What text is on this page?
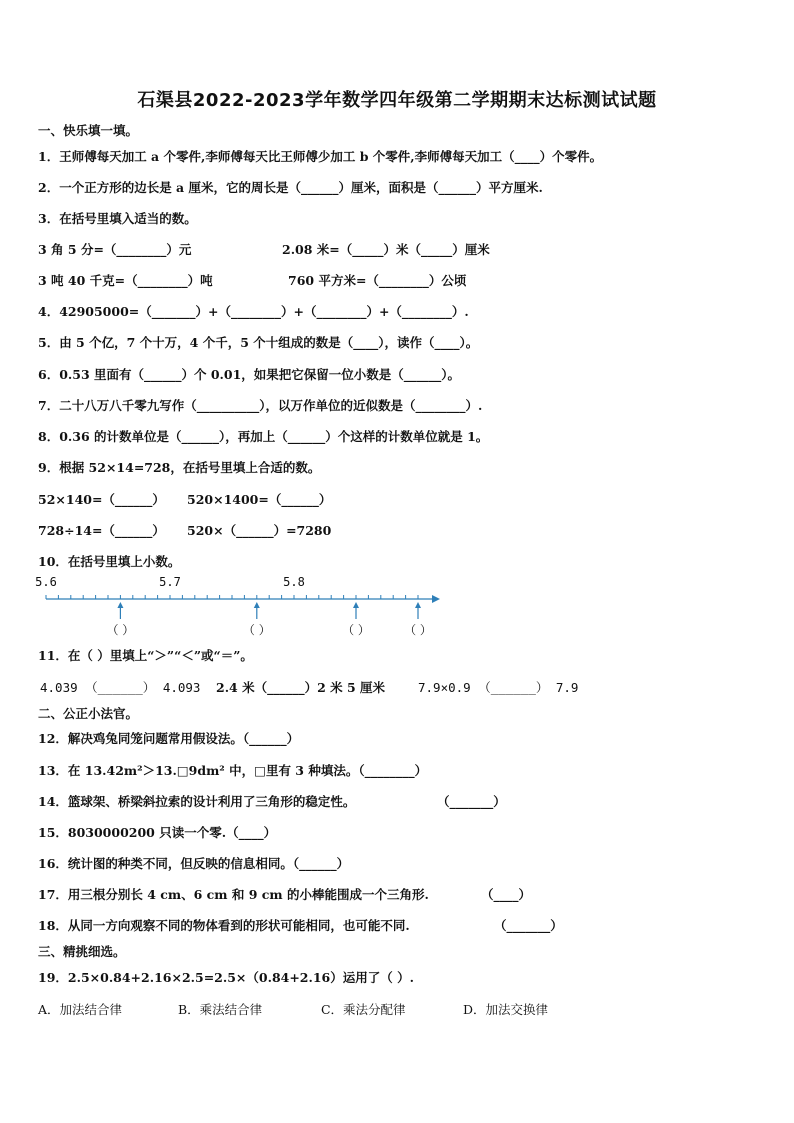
石渠县2022-2023学年数学四年级第二学期期末达标测试试题
一、快乐填一填。
1．王师傅每天加工 a 个零件,李师傅每天比王师傅少加工 b 个零件,李师傅每天加工（____）个零件。
2．一个正方形的边长是 a 厘米，它的周长是（______）厘米，面积是（______）平方厘米.
3．在括号里填入适当的数。
3 角 5 分=（________）元	2.08 米=（_____）米（_____）厘米
3 吨 40 千克=（________）吨	760 平方米=（________）公顷
4．42905000=（_______）+（________）+（________）+（________）.
5．由 5 个亿，7 个十万，4 个千，5 个十组成的数是（____），读作（____）。
6．0.53 里面有（______）个 0.01，如果把它保留一位小数是（______）。
7．二十八万八千零九写作（__________），以万作单位的近似数是（________）.
8．0.36 的计数单位是（______），再加上（______）个这样的计数单位就是 1。
9．根据 52×14=728，在括号里填上合适的数。
52×140=（______） 520×1400=（______）
728÷14=（______） 520×（______）=7280
10．在括号里填上小数。
5.6	5.7	5.8
（ ）	（ ）	（ ）	（ ）
11．在（ ）里填上“＞”“＜”或“＝”。
4.039 （______） 4.093 2.4 米（______）2 米 5 厘米	7.9×0.9 （______） 7.9
二、公正小法官。
12．解决鸡兔同笼问题常用假设法。（______）
13．在 13.42m²＞13.□9dm² 中，□里有 3 种填法。（________）
14．篮球架、桥梁斜拉索的设计利用了三角形的稳定性。	（_______）
15．8030000200 只读一个零.（____）
16．统计图的种类不同，但反映的信息相同。（______）
17．用三根分别长 4 cm、6 cm 和 9 cm 的小棒能围成一个三角形.	（____）
18．从同一方向观察不同的物体看到的形状可能相同，也可能不同.	（_______）
三、精挑细选。
19．2.5×0.84+2.16×2.5=2.5×（0.84+2.16）运用了（ ）.
A．加法结合律	B．乘法结合律	C．乘法分配律	D．加法交换律
